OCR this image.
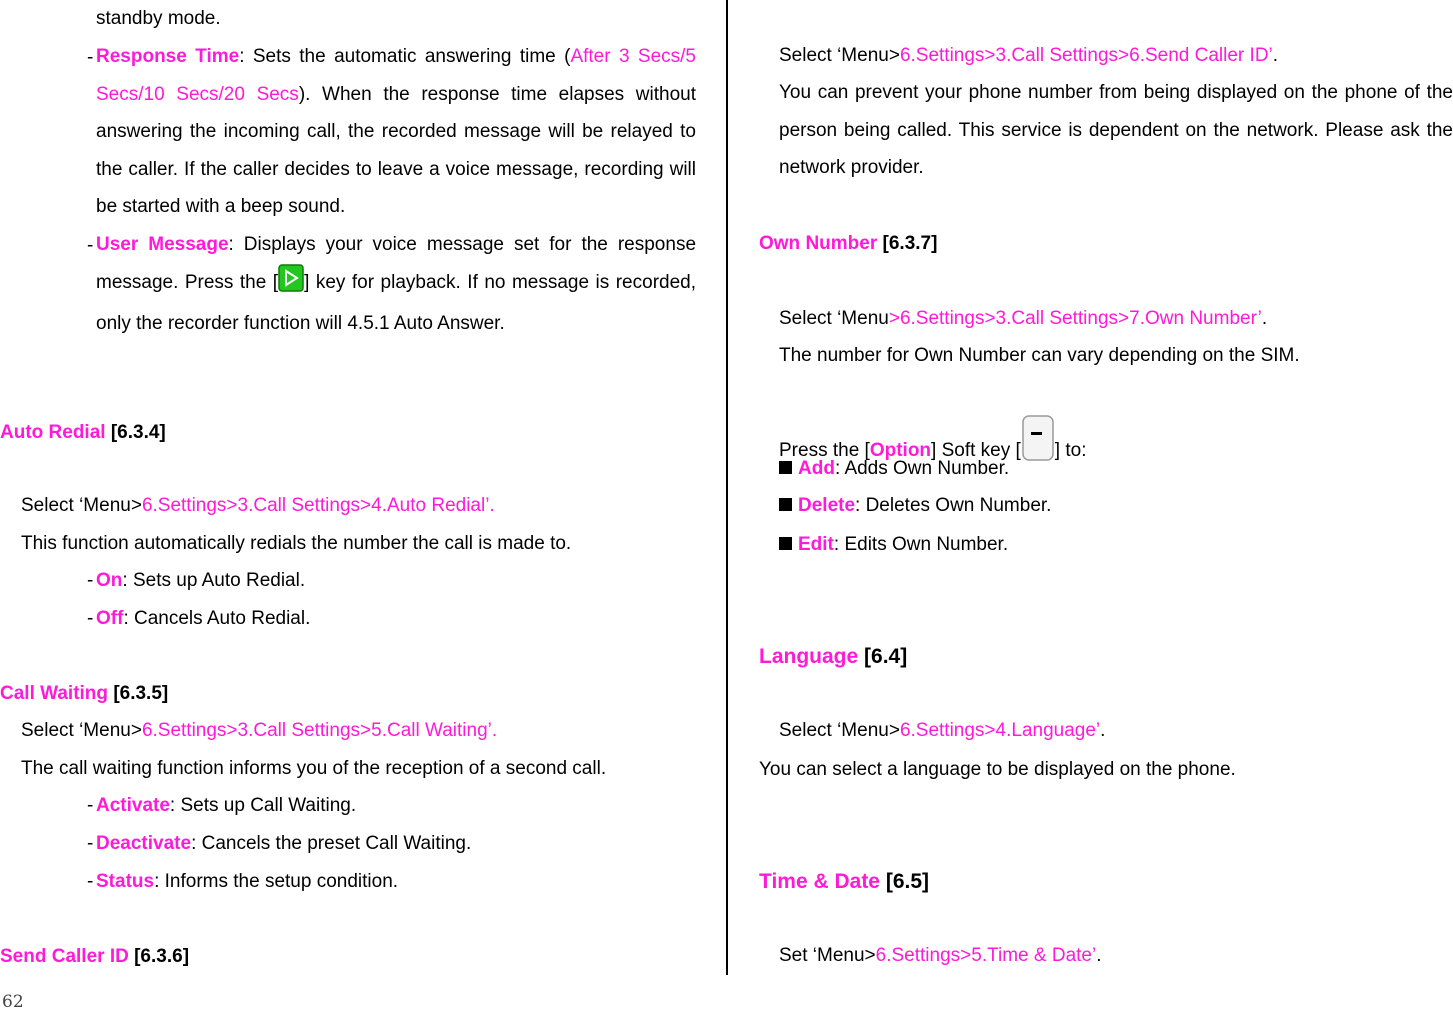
standby mode.
- Response Time: Sets the automatic answering time (After 3 Secs/5 Secs/10 Secs/20 Secs). When the response time elapses without answering the incoming call, the recorded message will be relayed to the caller. If the caller decides to leave a voice message, recording will be started with a beep sound.
- User Message: Displays your voice message set for the response message. Press the [ ] key for playback. If no message is recorded, only the recorder function will 4.5.1 Auto Answer.
Auto Redial [6.3.4]
Select ‘Menu>6.Settings>3.Call Settings>4.Auto Redial’.
This function automatically redials the number the call is made to.
- On: Sets up Auto Redial.
- Off: Cancels Auto Redial.
Call Waiting [6.3.5]
Select ‘Menu>6.Settings>3.Call Settings>5.Call Waiting’.
The call waiting function informs you of the reception of a second call.
- Activate: Sets up Call Waiting.
- Deactivate: Cancels the preset Call Waiting.
- Status: Informs the setup condition.
Send Caller ID [6.3.6]
62
Select ‘Menu>6.Settings>3.Call Settings>6.Send Caller ID’.
You can prevent your phone number from being displayed on the phone of the person being called. This service is dependent on the network. Please ask the network provider.
Own Number [6.3.7]
Select ‘Menu>6.Settings>3.Call Settings>7.Own Number’.
The number for Own Number can vary depending on the SIM.
Press the [Option] Soft key [ ] to:
Add: Adds Own Number.
Delete: Deletes Own Number.
Edit: Edits Own Number.
Language [6.4]
Select ‘Menu>6.Settings>4.Language’.
You can select a language to be displayed on the phone.
Time & Date [6.5]
Set ‘Menu>6.Settings>5.Time & Date’.
